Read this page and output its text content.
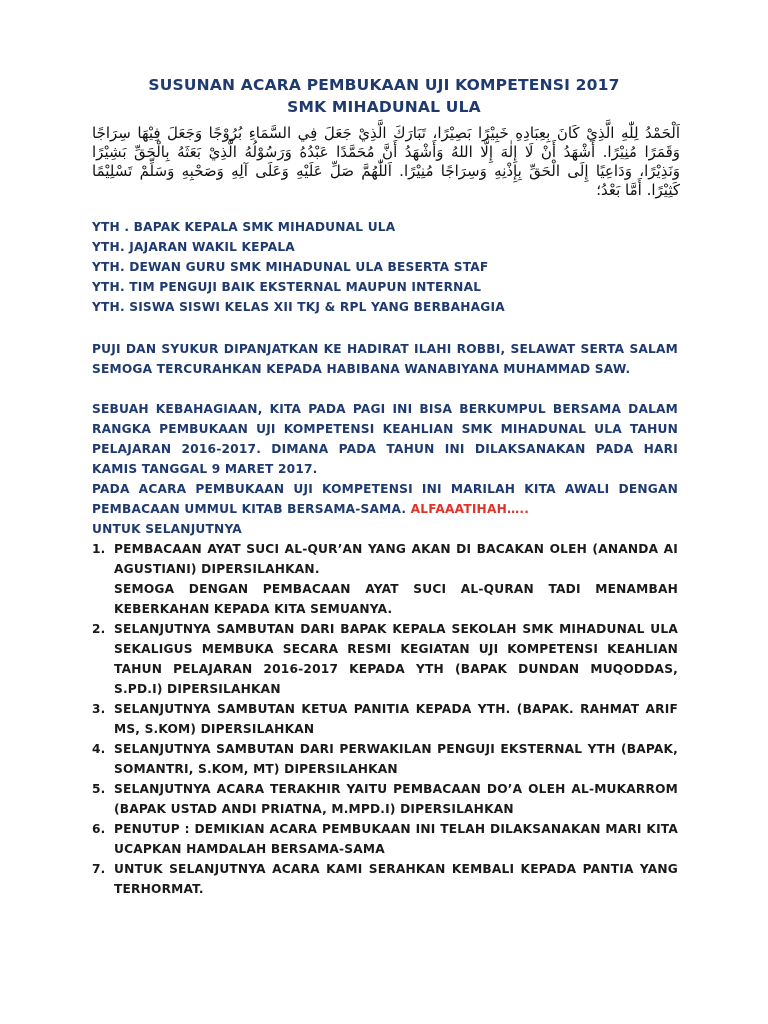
SUSUNAN ACARA PEMBUKAAN UJI KOMPETENSI 2017
SMK MIHADUNAL ULA
اَلْحَمْدُ لِلّٰهِ الَّذِيْ كَانَ بِعِبَادِهِ خَبِيْرًا بَصِيْرًا، تَبَارَكَ الَّذِيْ جَعَلَ فِي السَّمَاءِ بُرُوْجًا وَجَعَلَ فِيْهَا سِرَاجًا وَقَمَرًا مُنِيْرًا. أَشْهَدُ أَنْ لَا إِلٰهَ إِلَّا اللهُ وَأَشْهَدُ أَنَّ مُحَمَّدًا عَبْدُهُ وَرَسُوْلُهُ الَّذِيْ بَعَثَهُ بِالْحَقِّ بَشِيْرًا وَنَذِيْرًا، وَدَاعِيًا إِلَى الْحَقِّ بِإِذْنِهِ وَسِرَاجًا مُنِيْرًا. اَللّٰهُمَّ صَلِّ عَلَيْهِ وَعَلَى آلِهِ وَصَحْبِهِ وَسَلِّمْ تَسْلِيْمًا كَثِيْرًا. أَمَّا بَعْدُ؛
YTH . BAPAK KEPALA SMK MIHADUNAL ULA
YTH. JAJARAN WAKIL KEPALA
YTH. DEWAN GURU SMK MIHADUNAL ULA BESERTA STAF
YTH. TIM PENGUJI BAIK EKSTERNAL MAUPUN INTERNAL
YTH. SISWA SISWI KELAS XII TKJ & RPL YANG BERBAHAGIA
PUJI DAN SYUKUR DIPANJATKAN KE HADIRAT ILAHI ROBBI, SELAWAT SERTA SALAM SEMOGA TERCURAHKAN KEPADA HABIBANA WANABIYANA MUHAMMAD SAW.
SEBUAH KEBAHAGIAAN, KITA PADA PAGI INI BISA BERKUMPUL BERSAMA DALAM RANGKA PEMBUKAAN UJI KOMPETENSI KEAHLIAN SMK MIHADUNAL ULA TAHUN PELAJARAN 2016-2017. DIMANA PADA TAHUN INI DILAKSANAKAN PADA HARI KAMIS TANGGAL 9 MARET 2017.
PADA ACARA PEMBUKAAN UJI KOMPETENSI INI MARILAH KITA AWALI DENGAN PEMBACAAN UMMUL KITAB BERSAMA-SAMA. ALFAAATIHAH…..
UNTUK SELANJUTNYA
1. PEMBACAAN AYAT SUCI AL-QUR’AN YANG AKAN DI BACAKAN OLEH (ANANDA AI AGUSTIANI) DIPERSILAHKAN.
SEMOGA DENGAN PEMBACAAN AYAT SUCI AL-QURAN TADI MENAMBAH KEBERKAHAN KEPADA KITA SEMUANYA.
2. SELANJUTNYA SAMBUTAN DARI BAPAK KEPALA SEKOLAH SMK MIHADUNAL ULA SEKALIGUS MEMBUKA SECARA RESMI KEGIATAN UJI KOMPETENSI KEAHLIAN TAHUN PELAJARAN 2016-2017 KEPADA YTH (BAPAK DUNDAN MUQODDAS, S.PD.I) DIPERSILAHKAN
3. SELANJUTNYA SAMBUTAN KETUA PANITIA KEPADA YTH. (BAPAK. RAHMAT ARIF MS, S.KOM) DIPERSILAHKAN
4. SELANJUTNYA SAMBUTAN DARI PERWAKILAN PENGUJI EKSTERNAL YTH (BAPAK, SOMANTRI, S.KOM, MT) DIPERSILAHKAN
5. SELANJUTNYA ACARA TERAKHIR YAITU PEMBACAAN DO’A OLEH AL-MUKARROM (BAPAK USTAD ANDI PRIATNA, M.MPD.I) DIPERSILAHKAN
6. PENUTUP : DEMIKIAN ACARA PEMBUKAAN INI TELAH DILAKSANAKAN MARI KITA UCAPKAN HAMDALAH BERSAMA-SAMA
7. UNTUK SELANJUTNYA ACARA KAMI SERAHKAN KEMBALI KEPADA PANTIA YANG TERHORMAT.
